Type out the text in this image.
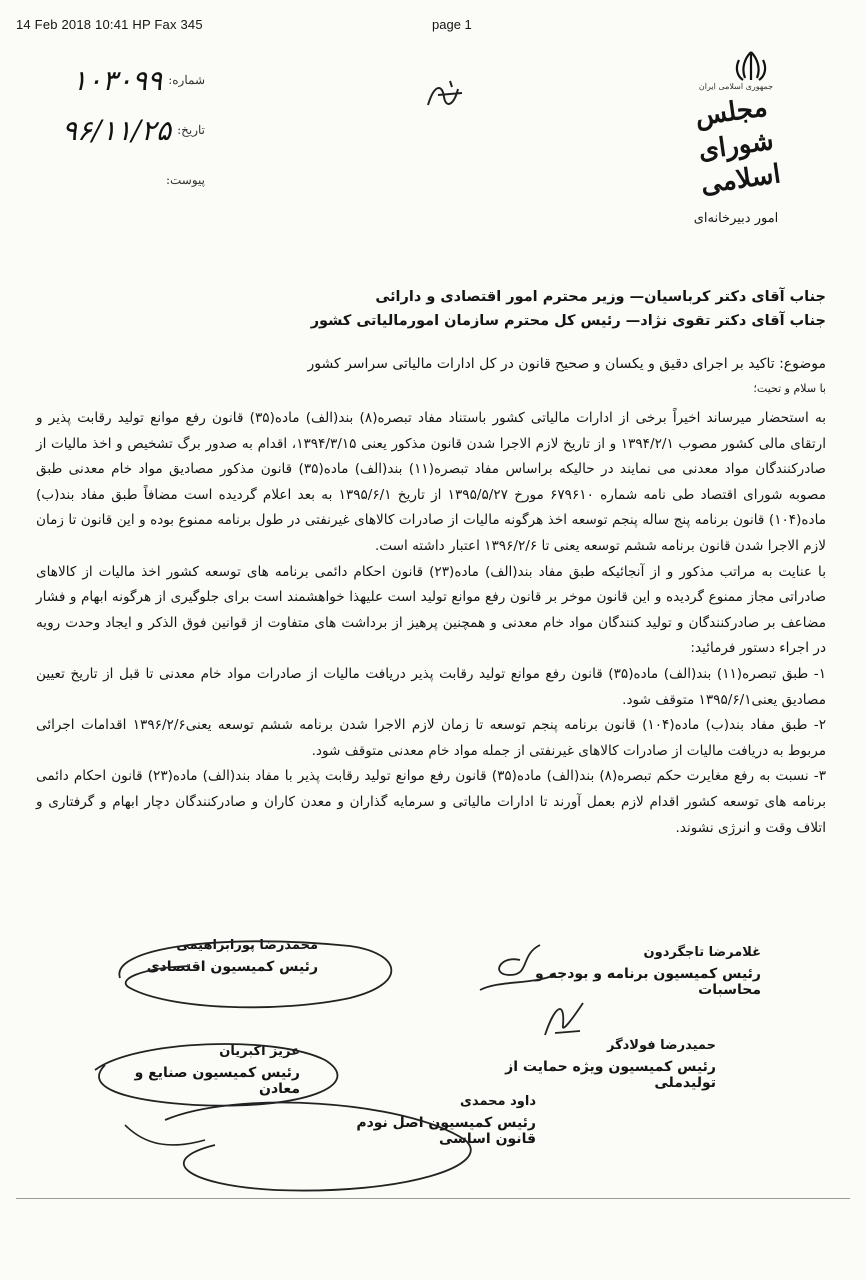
14 Feb 2018 10:41 HP Fax 345	page 1
شماره:
۱۰۳۰۹۹
تاریخ:
۹۶/۱۱/۲۵
پیوست:
جمهوری اسلامی ایران
مجلس شورای اسلامی
امور دبیرخانه‌ای
جناب آقای دکتر کرباسیان— وزیر محترم امور اقتصادی و دارائی
جناب آقای دکتر تقوی نژاد— رئیس کل محترم سازمان امورمالیاتی کشور
موضوع: تاکید بر اجرای دقیق و یکسان و صحیح قانون در کل ادارات مالیاتی سراسر کشور
با سلام و تحیت؛

به استحضار میرساند اخیراً برخی از ادارات مالیاتی کشور باستناد مفاد تبصره(۸) بند(الف) ماده(۳۵) قانون رفع موانع تولید رقابت پذیر و ارتقای مالی کشور مصوب ۱۳۹۴/۲/۱ و از تاریخ لازم الاجرا شدن قانون مذکور یعنی ۱۳۹۴/۳/۱۵، اقدام به صدور برگ تشخیص و اخذ مالیات از صادرکنندگان مواد معدنی می نمایند در حالیکه براساس مفاد تبصره(۱۱) بند(الف) ماده(۳۵) قانون مذکور مصادیق مواد خام معدنی طبق مصوبه شورای اقتصاد طی نامه شماره ۶۷۹۶۱۰ مورخ ۱۳۹۵/۵/۲۷ از تاریخ ۱۳۹۵/۶/۱ به بعد اعلام گردیده است مضافاً طبق مفاد بند(ب) ماده(۱۰۴) قانون برنامه پنج ساله پنجم توسعه اخذ هرگونه مالیات از صادرات کالاهای غیرنفتی در طول برنامه ممنوع بوده و این قانون تا زمان لازم الاجرا شدن قانون برنامه ششم توسعه یعنی تا ۱۳۹۶/۲/۶ اعتبار داشته است.

با عنایت به مراتب مذکور و از آنجائیکه طبق مفاد بند(الف) ماده(۲۳) قانون احکام دائمی برنامه های توسعه کشور اخذ مالیات از کالاهای صادراتی مجاز ممنوع گردیده و این قانون موخر بر قانون رفع موانع تولید است علیهذا خواهشمند است برای جلوگیری از هرگونه ابهام و فشار مضاعف بر صادرکنندگان و تولید کنندگان مواد خام معدنی و همچنین پرهیز از برداشت های متفاوت از قوانین فوق الذکر و ایجاد وحدت رویه در اجراء دستور فرمائید:

۱- طبق تبصره(۱۱) بند(الف) ماده(۳۵) قانون رفع موانع تولید رقابت پذیر دریافت مالیات از صادرات مواد خام معدنی تا قبل از تاریخ تعیین مصادیق یعنی۱۳۹۵/۶/۱ متوقف شود.

۲- طبق مفاد بند(ب) ماده(۱۰۴) قانون برنامه پنجم توسعه تا زمان لازم الاجرا شدن برنامه ششم توسعه یعنی۱۳۹۶/۲/۶ اقدامات اجرائی مربوط به دریافت مالیات از صادرات کالاهای غیرنفتی از جمله مواد خام معدنی متوقف شود.

۳- نسبت به رفع مغایرت حکم تبصره(۸) بند(الف) ماده(۳۵) قانون رفع موانع تولید رقابت پذیر با مفاد بند(الف) ماده(۲۳) قانون احکام دائمی برنامه های توسعه کشور اقدام لازم بعمل آورند تا ادارات مالیاتی و سرمایه گذاران و معدن کاران و صادرکنندگان دچار ابهام و گرفتاری و اتلاف وقت و انرژی نشوند.

غلامرضا تاجگردون
رئیس کمیسیون برنامه و بودجه و محاسبات
محمدرضا پورابراهیمی
رئیس کمیسیون اقتصادی
حمیدرضا فولادگر
رئیس کمیسیون ویژه حمایت از تولیدملی
عزیز اکبریان
رئیس کمیسیون صنایع و معادن
داود محمدی
رئیس کمیسیون اصل نودم قانون اساسی
